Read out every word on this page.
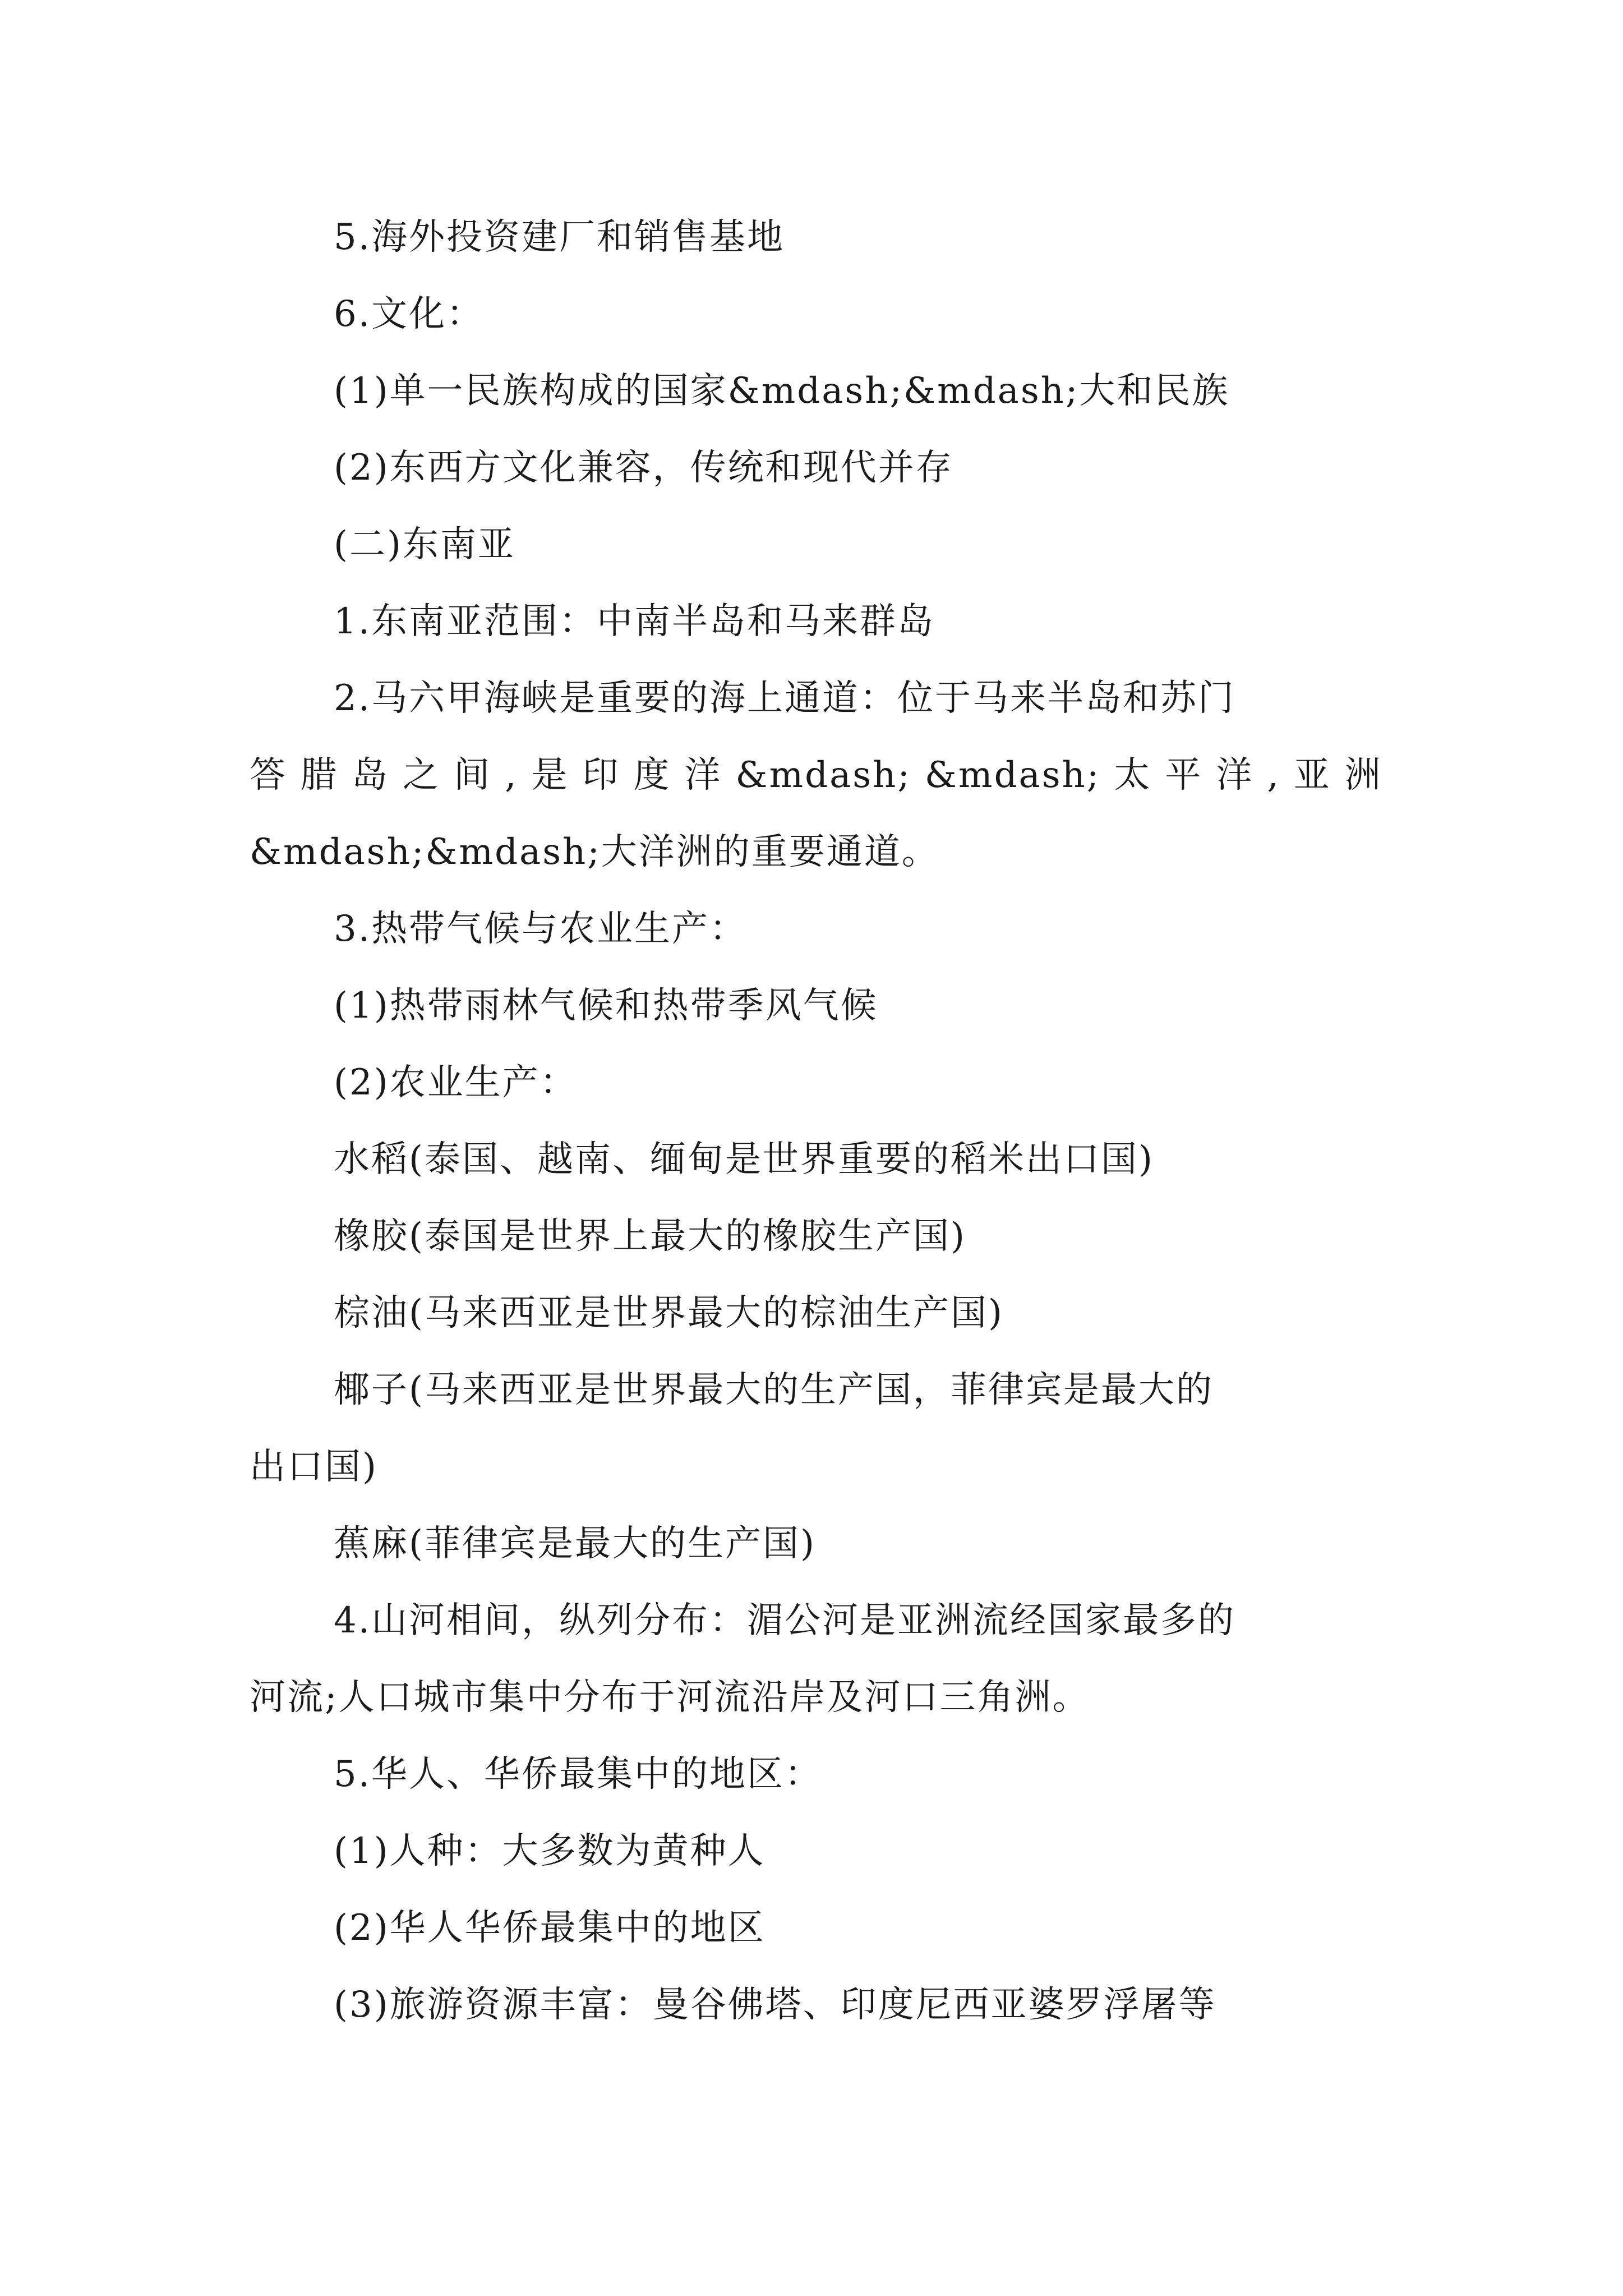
5.海外投资建厂和销售基地
6.文化：
(1)单一民族构成的国家&mdash;&mdash;大和民族
(2)东西方文化兼容，传统和现代并存
(二)东南亚
1.东南亚范围：中南半岛和马来群岛
2.马六甲海峡是重要的海上通道：位于马来半岛和苏门
答 腊 岛 之 间 , 是 印 度 洋 &mdash; &mdash; 太 平 洋 , 亚 洲
&mdash;&mdash;大洋洲的重要通道。
3.热带气候与农业生产：
(1)热带雨林气候和热带季风气候
(2)农业生产：
水稻(泰国、越南、缅甸是世界重要的稻米出口国)
橡胶(泰国是世界上最大的橡胶生产国)
棕油(马来西亚是世界最大的棕油生产国)
椰子(马来西亚是世界最大的生产国，菲律宾是最大的
出口国)
蕉麻(菲律宾是最大的生产国)
4.山河相间，纵列分布：湄公河是亚洲流经国家最多的
河流;人口城市集中分布于河流沿岸及河口三角洲。
5.华人、华侨最集中的地区：
(1)人种：大多数为黄种人
(2)华人华侨最集中的地区
(3)旅游资源丰富：曼谷佛塔、印度尼西亚婆罗浮屠等
